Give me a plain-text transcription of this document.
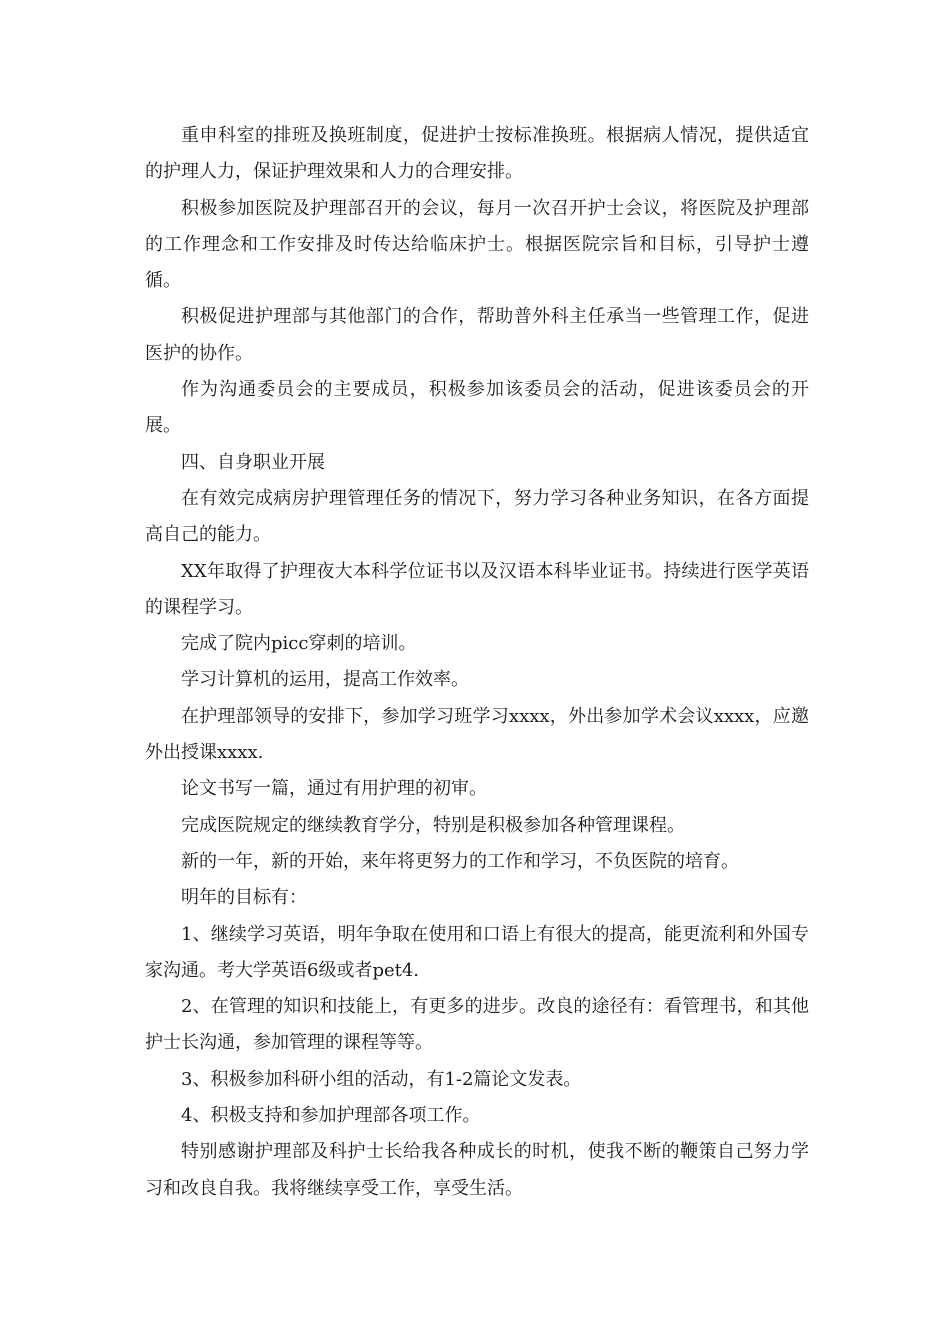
重申科室的排班及换班制度，促进护士按标准换班。根据病人情况，提供适宜的护理人力，保证护理效果和人力的合理安排。

积极参加医院及护理部召开的会议，每月一次召开护士会议，将医院及护理部的工作理念和工作安排及时传达给临床护士。根据医院宗旨和目标，引导护士遵循。

积极促进护理部与其他部门的合作，帮助普外科主任承当一些管理工作，促进医护的协作。

作为沟通委员会的主要成员，积极参加该委员会的活动，促进该委员会的开展。

四、自身职业开展

在有效完成病房护理管理任务的情况下，努力学习各种业务知识，在各方面提高自己的能力。

XX年取得了护理夜大本科学位证书以及汉语本科毕业证书。持续进行医学英语的课程学习。

完成了院内picc穿刺的培训。

学习计算机的运用，提高工作效率。

在护理部领导的安排下，参加学习班学习xxxx，外出参加学术会议xxxx，应邀外出授课xxxx.

论文书写一篇，通过有用护理的初审。

完成医院规定的继续教育学分，特别是积极参加各种管理课程。

新的一年，新的开始，来年将更努力的工作和学习，不负医院的培育。

明年的目标有：

1、继续学习英语，明年争取在使用和口语上有很大的提高，能更流利和外国专家沟通。考大学英语6级或者pet4.

2、在管理的知识和技能上，有更多的进步。改良的途径有：看管理书，和其他护士长沟通，参加管理的课程等等。

3、积极参加科研小组的活动，有1-2篇论文发表。

4、积极支持和参加护理部各项工作。

特别感谢护理部及科护士长给我各种成长的时机，使我不断的鞭策自己努力学习和改良自我。我将继续享受工作，享受生活。
